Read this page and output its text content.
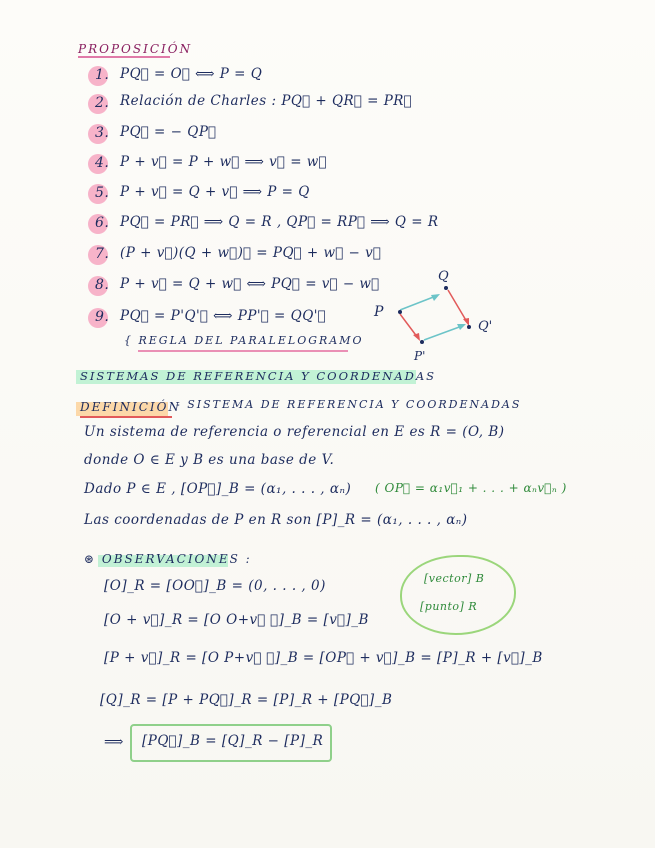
PROPOSICIÓN
1. PQ⃗ = O⃗ ⟺ P = Q
2. Relación de Charles : PQ⃗ + QR⃗ = PR⃗
3. PQ⃗ = − QP⃗
4. P + v⃗ = P + w⃗ ⟹ v⃗ = w⃗
5. P + v⃗ = Q + v⃗ ⟹ P = Q
6. PQ⃗ = PR⃗ ⟹ Q = R , QP⃗ = RP⃗ ⟹ Q = R
7. (P + v⃗)(Q + w⃗)⃗ = PQ⃗ + w⃗ − v⃗
8. P + v⃗ = Q + w⃗ ⟺ PQ⃗ = v⃗ − w⃗
9. PQ⃗ = P'Q'⃗ ⟺ PP'⃗ = QQ'⃗
{ REGLA DEL PARALELOGRAMO
P
Q
Q'
P'
SISTEMAS DE REFERENCIA Y COORDENADAS
DEFINICIÓN
- SISTEMA DE REFERENCIA Y COORDENADAS
Un sistema de referencia o referencial en E es R = (O, B)
donde O ∈ E y B es una base de V.
Dado P ∈ E , [OP⃗]_B = (α₁, . . . , αₙ) ( OP⃗ = α₁v⃗₁ + . . . + αₙv⃗ₙ )
Las coordenadas de P en R son [P]_R = (α₁, . . . , αₙ)
⊛ OBSERVACIONES :
[O]_R = [OO⃗]_B = (0, . . . , 0)
[O + v⃗]_R = [O O+v⃗ ⃗]_B = [v⃗]_B
[P + v⃗]_R = [O P+v⃗ ⃗]_B = [OP⃗ + v⃗]_B = [P]_R + [v⃗]_B
[Q]_R = [P + PQ⃗]_R = [P]_R + [PQ⃗]_B
⟹ [PQ⃗]_B = [Q]_R − [P]_R
[vector] B
[punto] R
